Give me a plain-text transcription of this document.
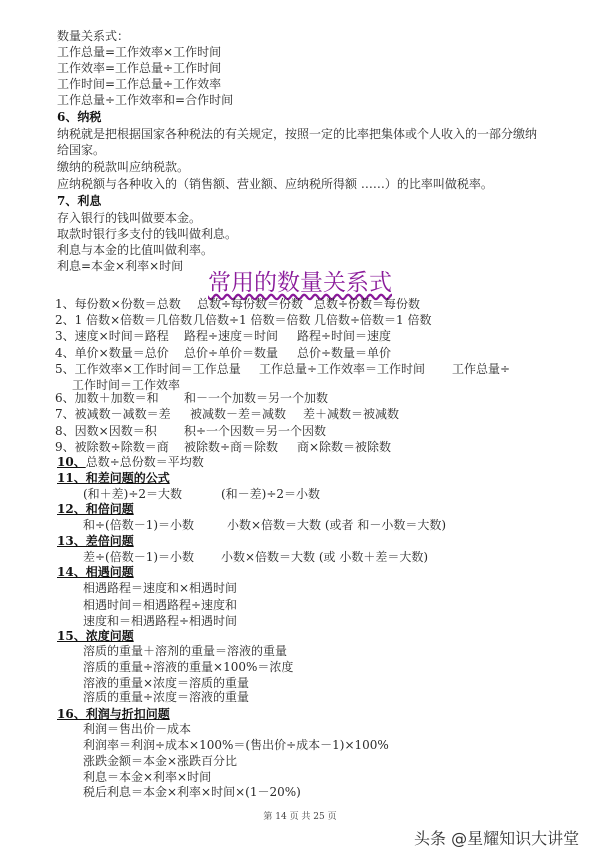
数量关系式：
工作总量=工作效率×工作时间
工作效率=工作总量÷工作时间
工作时间=工作总量÷工作效率
工作总量÷工作效率和=合作时间
6、纳税
纳税就是把根据国家各种税法的有关规定，按照一定的比率把集体或个人收入的一部分缴纳
给国家。
缴纳的税款叫应纳税款。
应纳税额与各种收入的（销售额、营业额、应纳税所得额 ……）的比率叫做税率。
7、利息
存入银行的钱叫做要本金。
取款时银行多支付的钱叫做利息。
利息与本金的比值叫做利率。
利息=本金×利率×时间
常用的数量关系式
1、每份数×份数＝总数 总数÷每份数＝份数 总数÷份数＝每份数
2、1 倍数×倍数＝几倍数 几倍数÷1 倍数＝倍数 几倍数÷倍数＝1 倍数
3、速度×时间＝路程 路程÷速度＝时间 路程÷时间＝速度
4、单价×数量＝总价 总价÷单价＝数量 总价÷数量＝单价
5、工作效率×工作时间＝工作总量 工作总量÷工作效率＝工作时间 工作总量÷
工作时间＝工作效率
6、加数＋加数＝和 和－一个加数＝另一个加数
7、被减数－减数＝差 被减数－差＝减数 差＋减数＝被减数
8、因数×因数＝积 积÷一个因数＝另一个因数
9、被除数÷除数＝商 被除数÷商＝除数 商×除数＝被除数
10、总数÷总份数＝平均数
11、和差问题的公式
(和＋差)÷2＝大数	(和－差)÷2＝小数
12、和倍问题
和÷(倍数－1)＝小数	小数×倍数＝大数 (或者 和－小数＝大数)
13、差倍问题
差÷(倍数－1)＝小数 小数×倍数＝大数 (或 小数＋差＝大数)
14、相遇问题
相遇路程＝速度和×相遇时间
相遇时间＝相遇路程÷速度和
速度和＝相遇路程÷相遇时间
15、浓度问题
溶质的重量＋溶剂的重量＝溶液的重量
溶质的重量÷溶液的重量×100%＝浓度
溶液的重量×浓度＝溶质的重量
溶质的重量÷浓度＝溶液的重量
16、利润与折扣问题
利润＝售出价－成本
利润率＝利润÷成本×100%＝(售出价÷成本－1)×100%
涨跌金额＝本金×涨跌百分比
利息＝本金×利率×时间
税后利息＝本金×利率×时间×(1－20%)
第 14 页 共 25 页
头条 @星耀知识大讲堂
